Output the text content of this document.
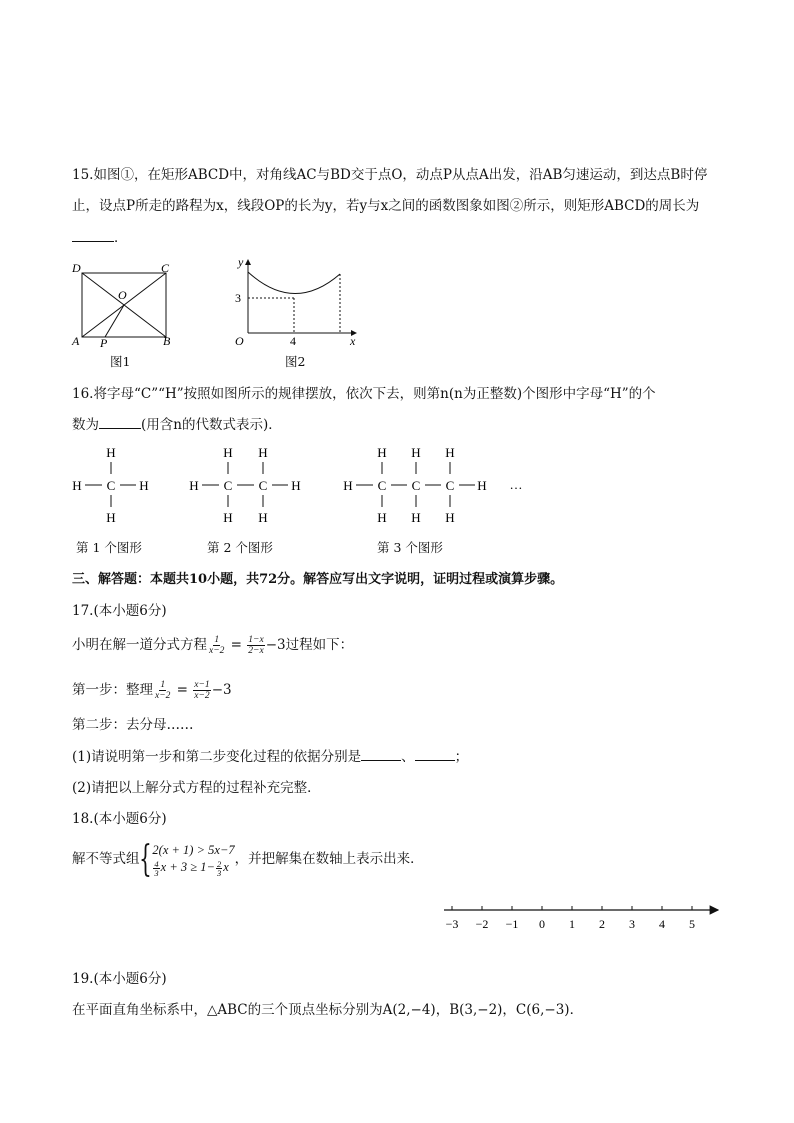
15.如图①，在矩形ABCD中，对角线AC与BD交于点O，动点P从点A出发，沿AB匀速运动，到达点B时停
止，设点P所走的路程为x，线段OP的长为y，若y与x之间的函数图象如图②所示，则矩形ABCD的周长为
．
D	C
O
A P	B
图1
y
O	x
3
4
图2
16.将字母“C”“H”按照如图所示的规律摆放，依次下去，则第n(n为正整数)个图形中字母“H”的个
数为	(用含n的代数式表示)．
H
H C H
H
H H
H C C H
H H
H H H
H C C C H
H H H
…
第 1 个图形	第 2 个图形	第 3 个图形
三、解答题：本题共10小题，共72分。解答应写出文字说明，证明过程或演算步骤。
17.(本小题6分)
小明在解一道分式方程 $\frac{1}{x-2} = \frac{1-x}{2-x} -3$过程如下：
第一步：整理 $\frac{1}{x-2} = \frac{x-1}{x-2} -3$
第二步：去分母……
(1)请说明第一步和第二步变化过程的依据分别是	、	；
(2)请把以上解分式方程的过程补充完整．
18.(本小题6分)
解不等式组 { 2(x + 1) > 5x−7
$\frac{4}{3}$ $x + 3 \ge 1- \frac{2}{3}$ x
，并把解集在数轴上表示出来．
−3 −2 −1 0 1 2 3 4 5
19.(本小题6分)
在平面直角坐标系中，△ABC的三个顶点坐标分别为A(2,−4)，B(3,−2)，C(6,−3)．
